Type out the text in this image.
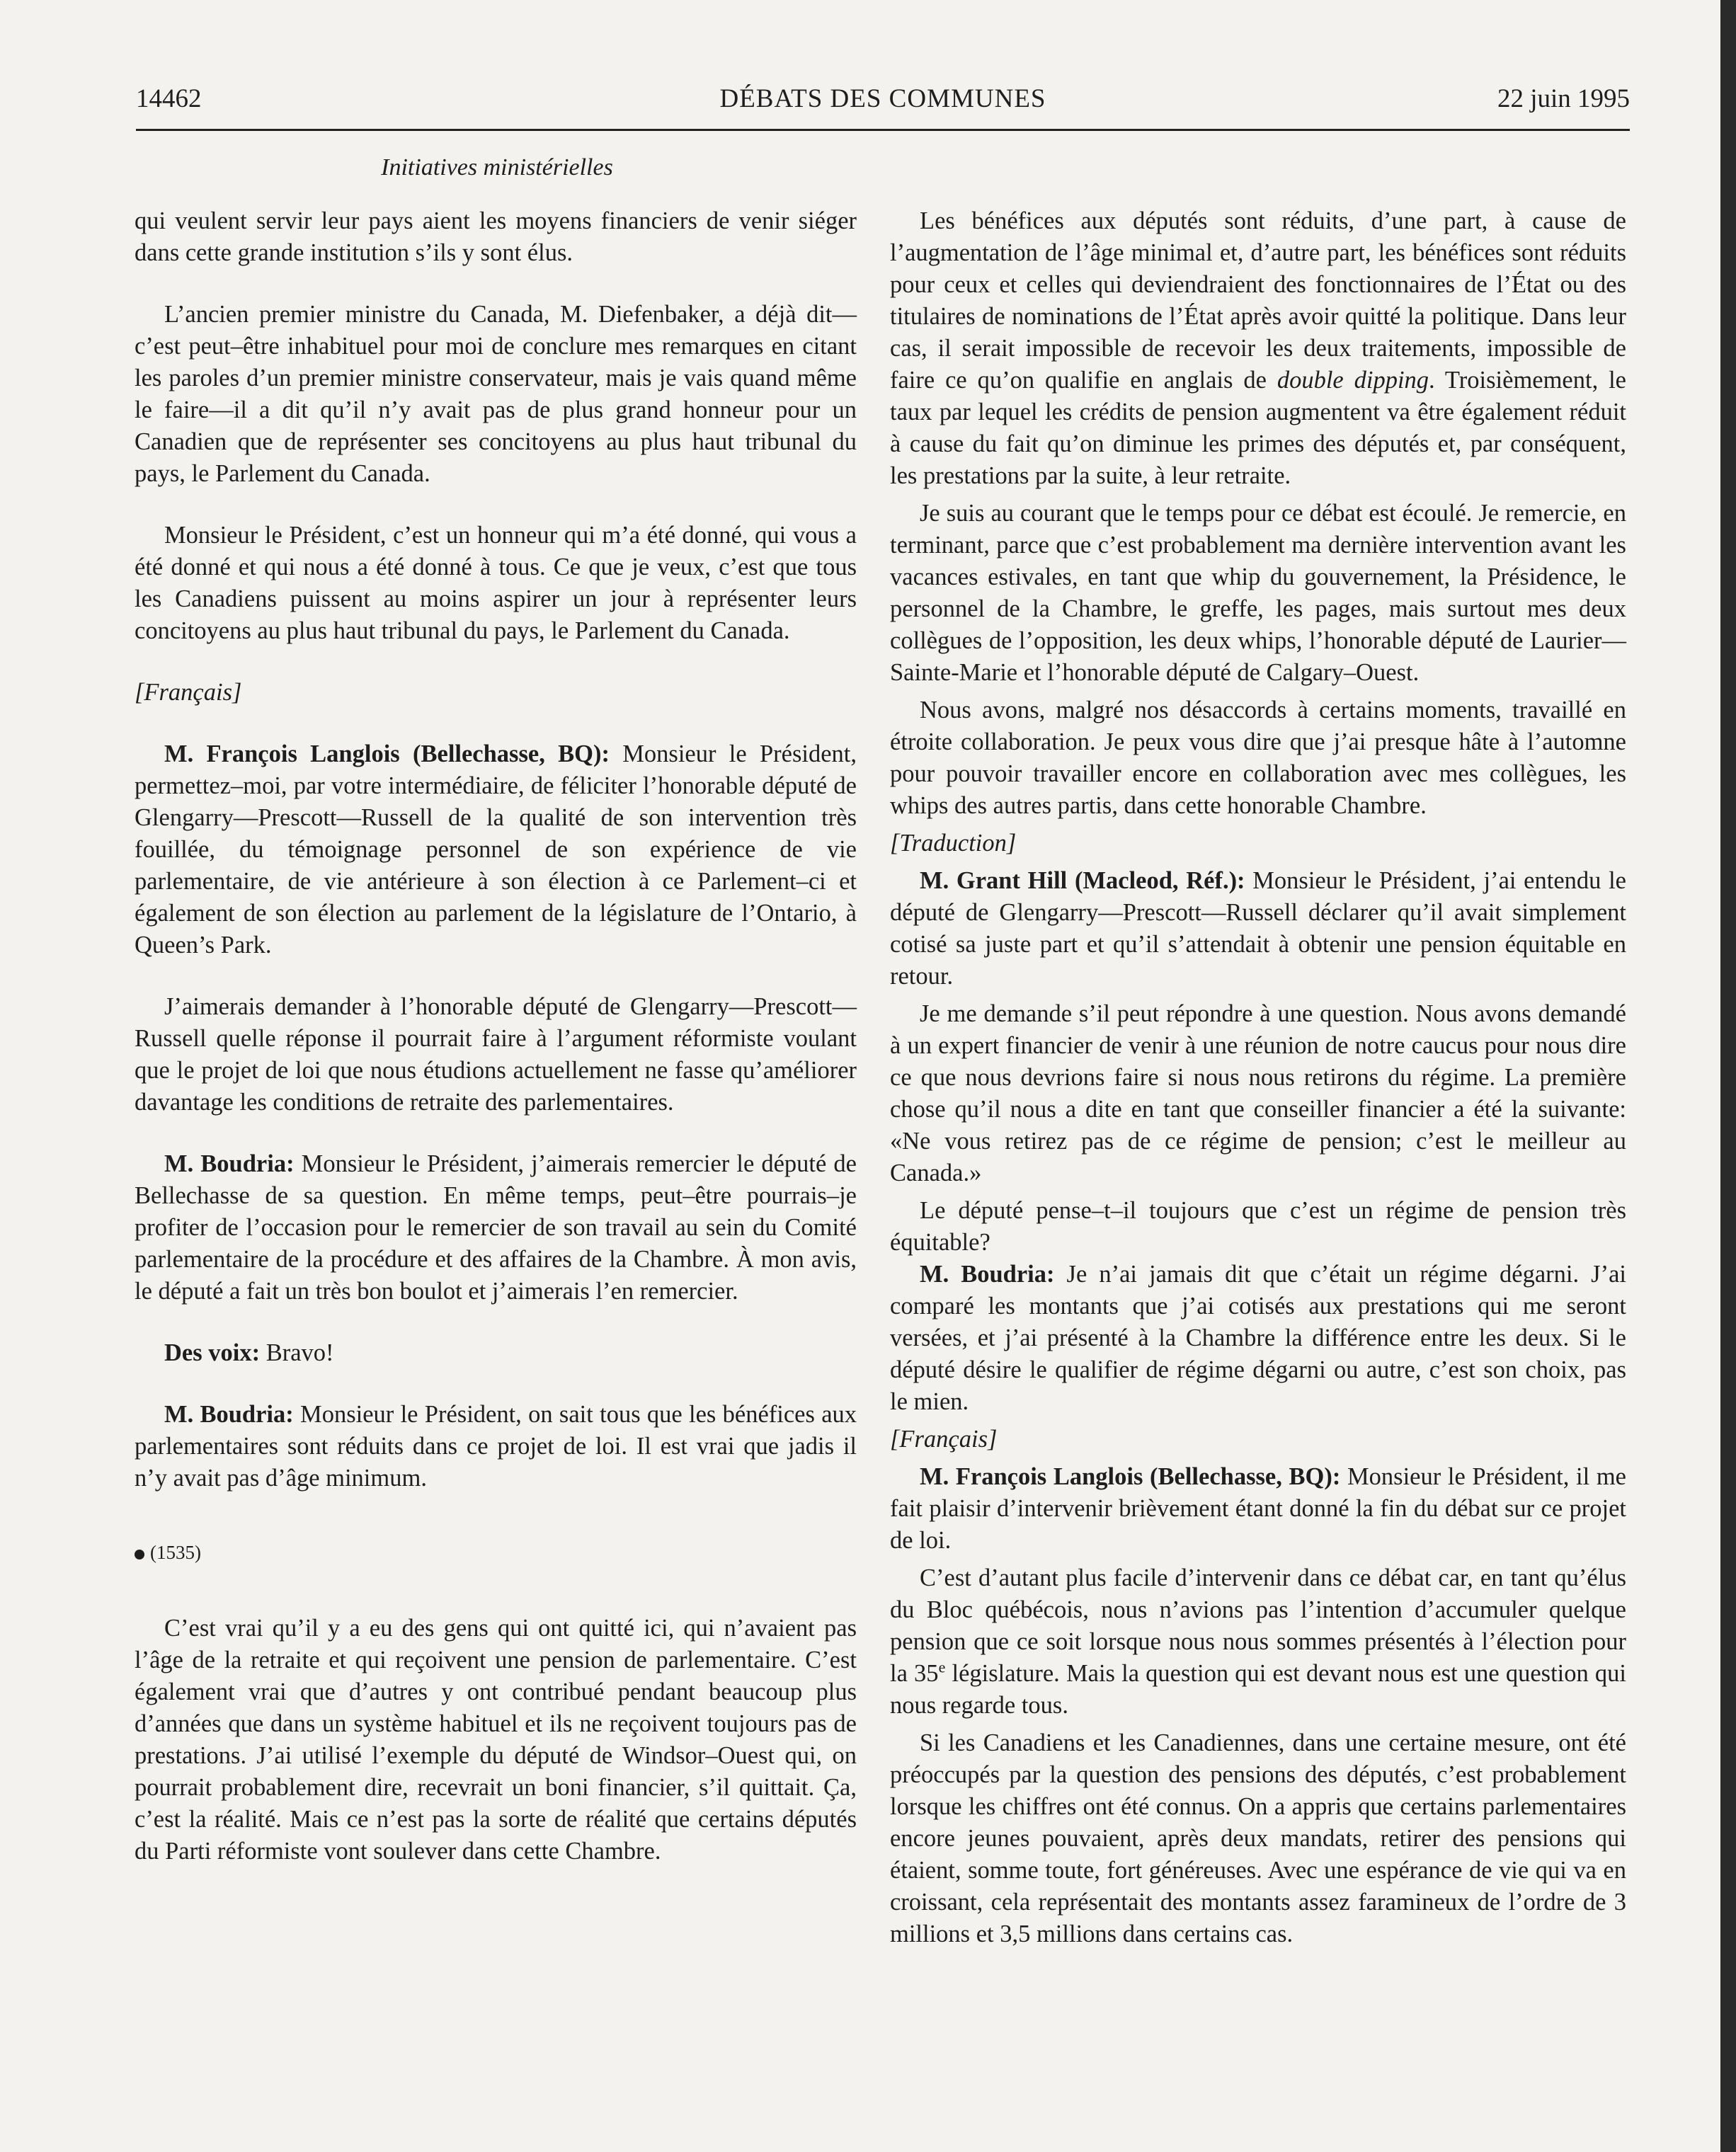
14462	DÉBATS DES COMMUNES	22 juin 1995
Initiatives ministérielles

qui veulent servir leur pays aient les moyens financiers de venir siéger dans cette grande institution s’ils y sont élus.

L’ancien premier ministre du Canada, M. Diefenbaker, a déjà dit—c’est peut–être inhabituel pour moi de conclure mes remarques en citant les paroles d’un premier ministre conservateur, mais je vais quand même le faire—il a dit qu’il n’y avait pas de plus grand honneur pour un Canadien que de représenter ses concitoyens au plus haut tribunal du pays, le Parlement du Canada.

Monsieur le Président, c’est un honneur qui m’a été donné, qui vous a été donné et qui nous a été donné à tous. Ce que je veux, c’est que tous les Canadiens puissent au moins aspirer un jour à représenter leurs concitoyens au plus haut tribunal du pays, le Parlement du Canada.

[Français]

M. François Langlois (Bellechasse, BQ): Monsieur le Président, permettez–moi, par votre intermédiaire, de féliciter l’honorable député de Glengarry—Prescott—Russell de la qualité de son intervention très fouillée, du témoignage personnel de son expérience de vie parlementaire, de vie antérieure à son élection à ce Parlement–ci et également de son élection au parlement de la législature de l’Ontario, à Queen’s Park.

J’aimerais demander à l’honorable député de Glengarry—Prescott—Russell quelle réponse il pourrait faire à l’argument réformiste voulant que le projet de loi que nous étudions actuellement ne fasse qu’améliorer davantage les conditions de retraite des parlementaires.

M. Boudria: Monsieur le Président, j’aimerais remercier le député de Bellechasse de sa question. En même temps, peut–être pourrais–je profiter de l’occasion pour le remercier de son travail au sein du Comité parlementaire de la procédure et des affaires de la Chambre. À mon avis, le député a fait un très bon boulot et j’aimerais l’en remercier.

Des voix: Bravo!

M. Boudria: Monsieur le Président, on sait tous que les bénéfices aux parlementaires sont réduits dans ce projet de loi. Il est vrai que jadis il n’y avait pas d’âge minimum.

(1535)

C’est vrai qu’il y a eu des gens qui ont quitté ici, qui n’avaient pas l’âge de la retraite et qui reçoivent une pension de parlementaire. C’est également vrai que d’autres y ont contribué pendant beaucoup plus d’années que dans un système habituel et ils ne reçoivent toujours pas de prestations. J’ai utilisé l’exemple du député de Windsor–Ouest qui, on pourrait probablement dire, recevrait un boni financier, s’il quittait. Ça, c’est la réalité. Mais ce n’est pas la sorte de réalité que certains députés du Parti réformiste vont soulever dans cette Chambre.

Les bénéfices aux députés sont réduits, d’une part, à cause de l’augmentation de l’âge minimal et, d’autre part, les bénéfices sont réduits pour ceux et celles qui deviendraient des fonctionnaires de l’État ou des titulaires de nominations de l’État après avoir quitté la politique. Dans leur cas, il serait impossible de recevoir les deux traitements, impossible de faire ce qu’on qualifie en anglais de double dipping. Troisièmement, le taux par lequel les crédits de pension augmentent va être également réduit à cause du fait qu’on diminue les primes des députés et, par conséquent, les prestations par la suite, à leur retraite.

Je suis au courant que le temps pour ce débat est écoulé. Je remercie, en terminant, parce que c’est probablement ma dernière intervention avant les vacances estivales, en tant que whip du gouvernement, la Présidence, le personnel de la Chambre, le greffe, les pages, mais surtout mes deux collègues de l’opposition, les deux whips, l’honorable député de Laurier—Sainte-Marie et l’honorable député de Calgary–Ouest.

Nous avons, malgré nos désaccords à certains moments, travaillé en étroite collaboration. Je peux vous dire que j’ai presque hâte à l’automne pour pouvoir travailler encore en collaboration avec mes collègues, les whips des autres partis, dans cette honorable Chambre.

[Traduction]

M. Grant Hill (Macleod, Réf.): Monsieur le Président, j’ai entendu le député de Glengarry—Prescott—Russell déclarer qu’il avait simplement cotisé sa juste part et qu’il s’attendait à obtenir une pension équitable en retour.

Je me demande s’il peut répondre à une question. Nous avons demandé à un expert financier de venir à une réunion de notre caucus pour nous dire ce que nous devrions faire si nous nous retirons du régime. La première chose qu’il nous a dite en tant que conseiller financier a été la suivante: «Ne vous retirez pas de ce régime de pension; c’est le meilleur au Canada.»

Le député pense–t–il toujours que c’est un régime de pension très équitable?

M. Boudria: Je n’ai jamais dit que c’était un régime dégarni. J’ai comparé les montants que j’ai cotisés aux prestations qui me seront versées, et j’ai présenté à la Chambre la différence entre les deux. Si le député désire le qualifier de régime dégarni ou autre, c’est son choix, pas le mien.

[Français]

M. François Langlois (Bellechasse, BQ): Monsieur le Président, il me fait plaisir d’intervenir brièvement étant donné la fin du débat sur ce projet de loi.

C’est d’autant plus facile d’intervenir dans ce débat car, en tant qu’élus du Bloc québécois, nous n’avions pas l’intention d’accumuler quelque pension que ce soit lorsque nous nous sommes présentés à l’élection pour la 35e législature. Mais la question qui est devant nous est une question qui nous regarde tous.

Si les Canadiens et les Canadiennes, dans une certaine mesure, ont été préoccupés par la question des pensions des députés, c’est probablement lorsque les chiffres ont été connus. On a appris que certains parlementaires encore jeunes pouvaient, après deux mandats, retirer des pensions qui étaient, somme toute, fort généreuses. Avec une espérance de vie qui va en croissant, cela représentait des montants assez faramineux de l’ordre de 3 millions et 3,5 millions dans certains cas.
